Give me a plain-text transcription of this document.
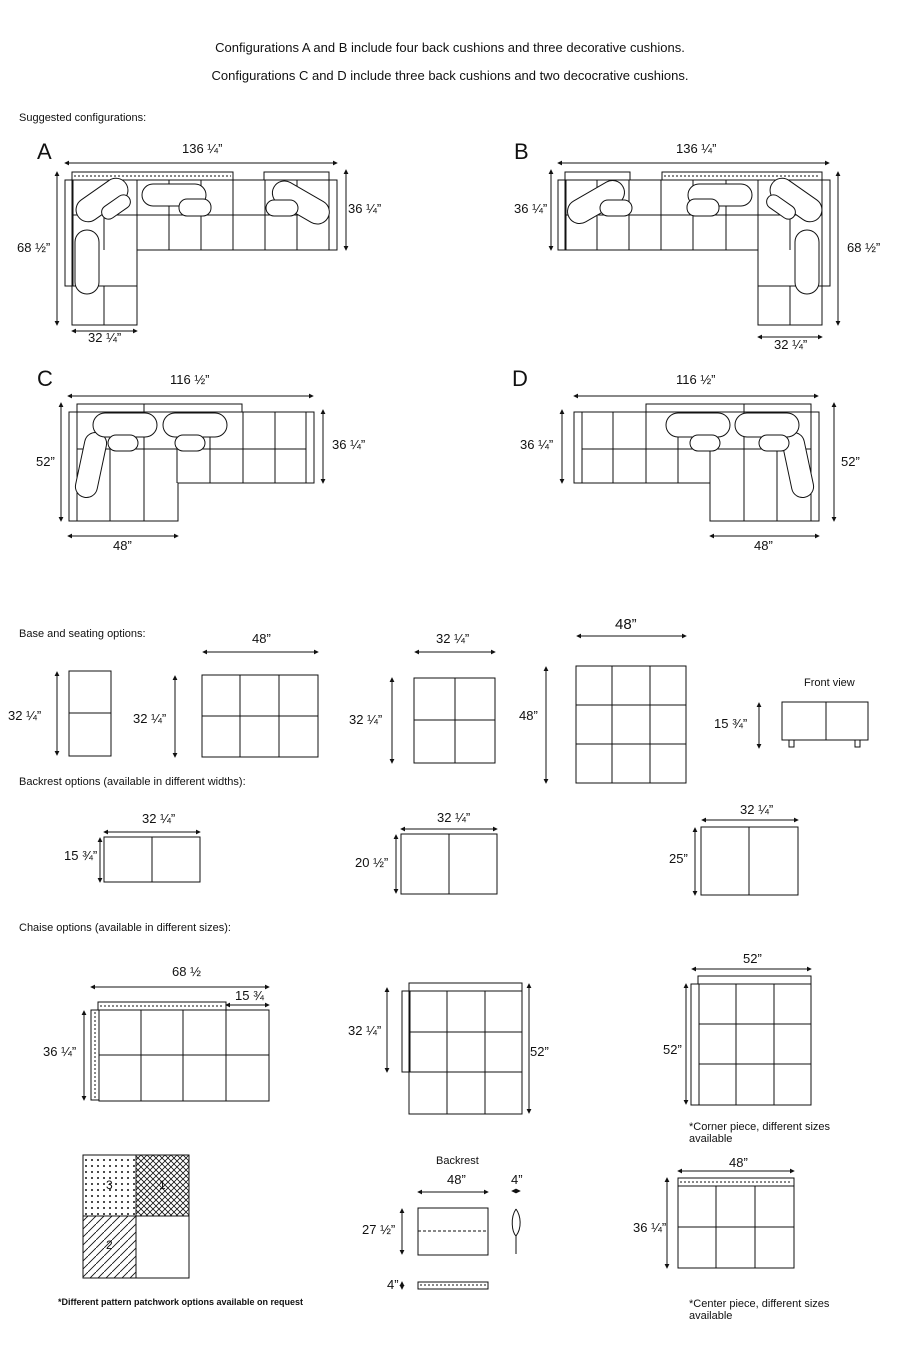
Configurations A and B include four back cushions and three decorative cushions.
Configurations C and D include three back cushions and two decocrative cushions.
Suggested configurations:
Base and seating options:
Backrest options (available in different widths):
Chaise options (available in different sizes):
A	B
C	D
136 ¼”
36 ¼”
68 ½”
32 ¼”
136 ¼”
36 ¼”
68 ½”
32 ¼”
116 ½”
36 ¼”
52”
48”
116 ½”
36 ¼”
52”
48”
32 ¼”
48”
32 ¼”
32 ¼”
32 ¼”
48”
48”
Front view
15 ¾”
32 ¼”
15 ¾”
32 ¼”
20 ½”
32 ¼”
25”
68 ½
15 ¾
36 ¼”
32 ¼”
52”
52”
52”
*Corner piece, different sizes available
48”
36 ¼”
*Center piece, different sizes available
*Different pattern patchwork options available on request
Backrest
48”
27 ½”
4”
4”
